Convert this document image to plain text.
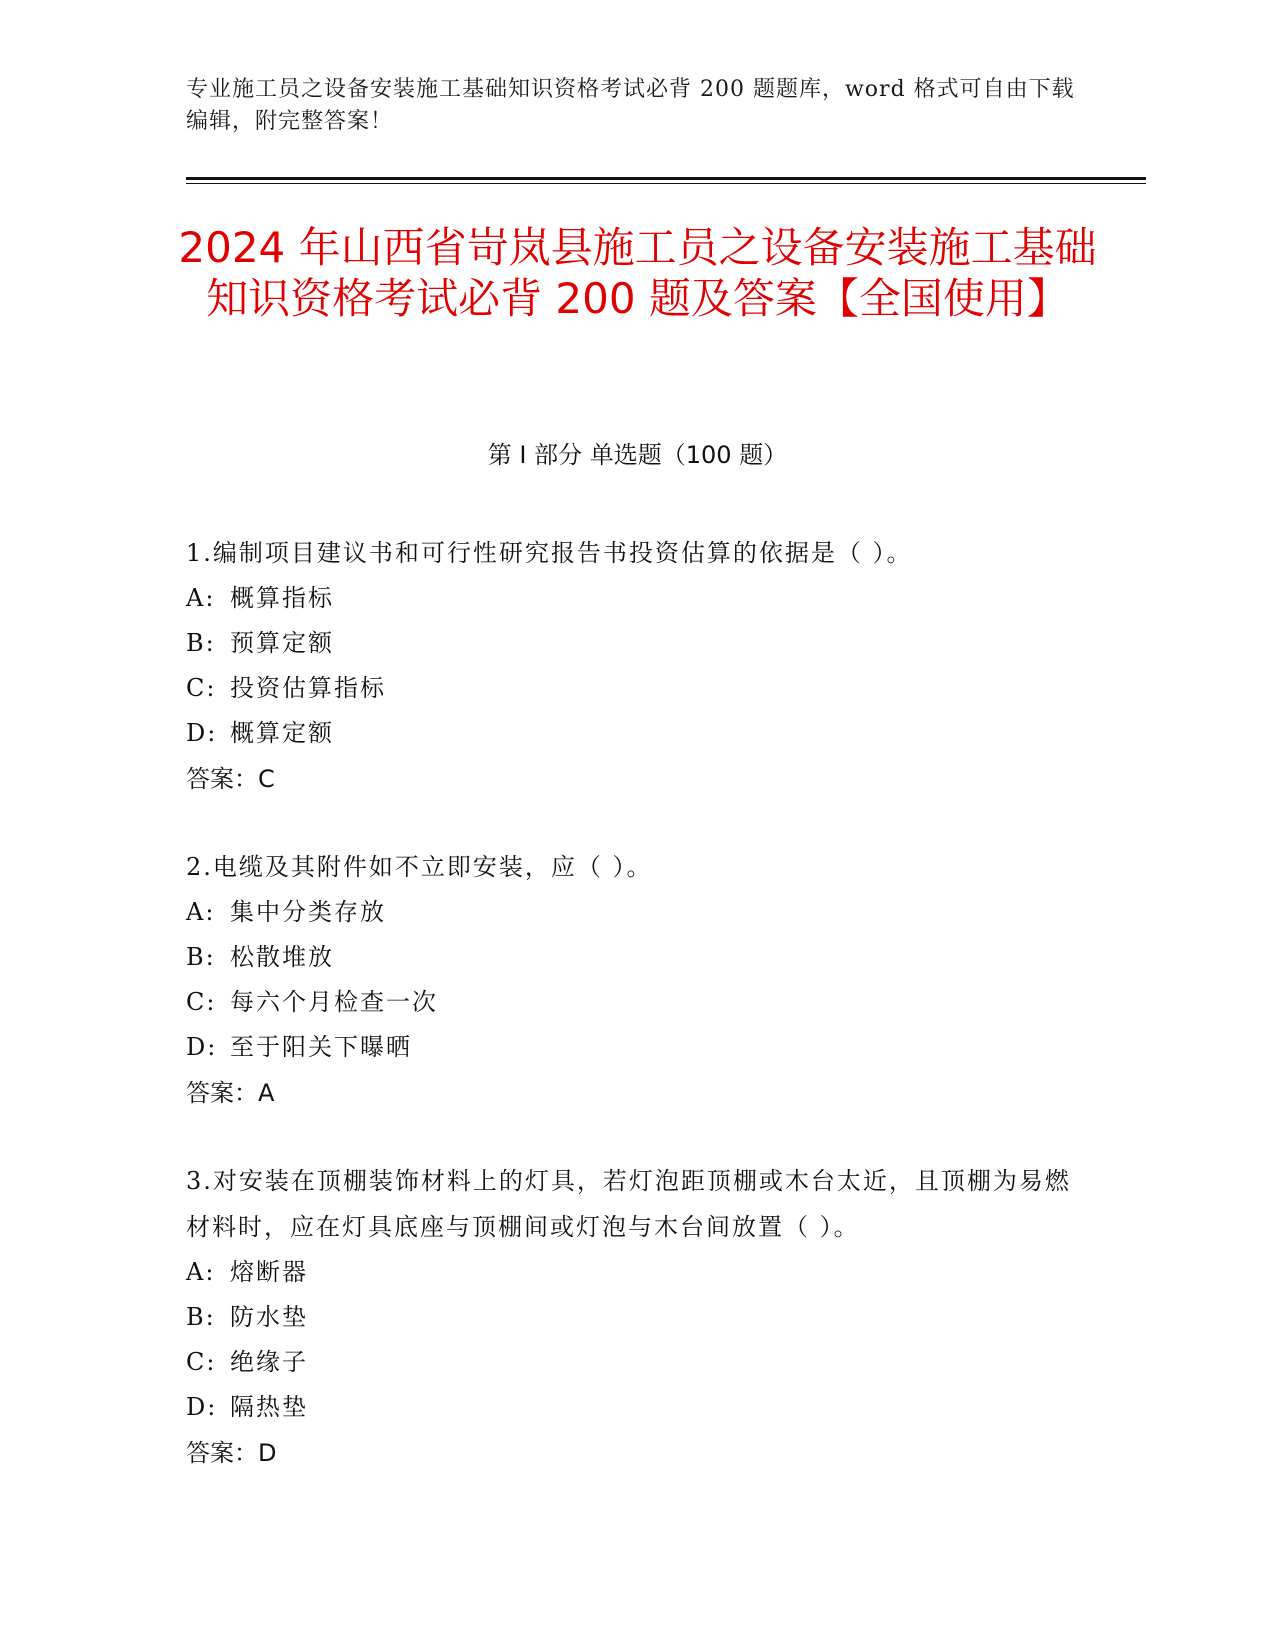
专业施工员之设备安装施工基础知识资格考试必背 200 题题库，word 格式可自由下载编辑，附完整答案！
2024 年山西省岢岚县施工员之设备安装施工基础知识资格考试必背 200 题及答案【全国使用】
第 I 部分 单选题（100 题）
1.编制项目建议书和可行性研究报告书投资估算的依据是（ ）。
A: 概算指标
B: 预算定额
C: 投资估算指标
D: 概算定额
答案：C
2.电缆及其附件如不立即安装，应（ ）。
A: 集中分类存放
B: 松散堆放
C: 每六个月检查一次
D: 至于阳关下曝晒
答案：A
3.对安装在顶棚装饰材料上的灯具，若灯泡距顶棚或木台太近，且顶棚为易燃材料时，应在灯具底座与顶棚间或灯泡与木台间放置（ ）。
A: 熔断器
B: 防水垫
C: 绝缘子
D: 隔热垫
答案：D
